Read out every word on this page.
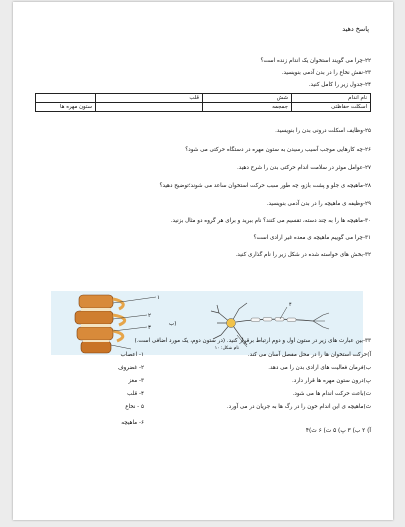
پاسخ دهید
۲۲-چرا می گویند استخوان یک اندام زنده است؟
۲۳-نقش نخاع را در بدن آدمی بنویسید.
۲۴-جدول زیر را کامل کنید.
نام اندام	شش	قلب	
اسکلت حفاظتی	جمجمه		ستون مهره ها
۲۵-وظایف اسکلت درونی بدن را بنویسید.
۲۶-چه کارهایی موجب آسیب رسیدن به ستون مهره در دستگاه حرکتی می شود؟
۲۷-عوامل موثر در سلامت اندام حرکتی بدن را شرح دهید.
۲۸-ماهیچه ی جلو و پشت بازو، چه طور سبب حرکت استخوان ساعد می شوند؛توضیح دهید؟
۲۹-وظیفه ی ماهیچه را در بدن آدمی بنویسید.
۳۰-ماهیچه ها را به چند دسته، تقسیم می کنند؟ نام ببرید و برای هر گروه دو مثال بزنید.
۳۱-چرا می گوییم ماهیچه ی معده غیر ارادی است؟
۳۲-بخش های خواسته شده در شکل زیر را نام گذاری کنید.
۱
۲
۳
ب)
۴
نام شکل: ۱۰
۳۳-بین عبارت های زیر در ستون اول و دوم ارتباط برقرار کنید. (در ستون دوم، یک مورد اضافی است.)
آ)حرکت استخوان ها را در محل مفصل آسان می کند.
ب)فرمان فعالیت های ارادی بدن را می دهد.
پ)درون ستون مهره ها قرار دارد.
ت)باعث حرکت اندام ها می شود.
ث)ماهیچه ی این اندام خون را در رگ ها به جریان در می آورد.
۱- اعصاب
۲- غضروف
۳- مغز
۴- قلب
۵ - نخاع
۶- ماهیچه
آ) ۲ ب) ۳ پ) ۵ ت) ۶ ث)۴
